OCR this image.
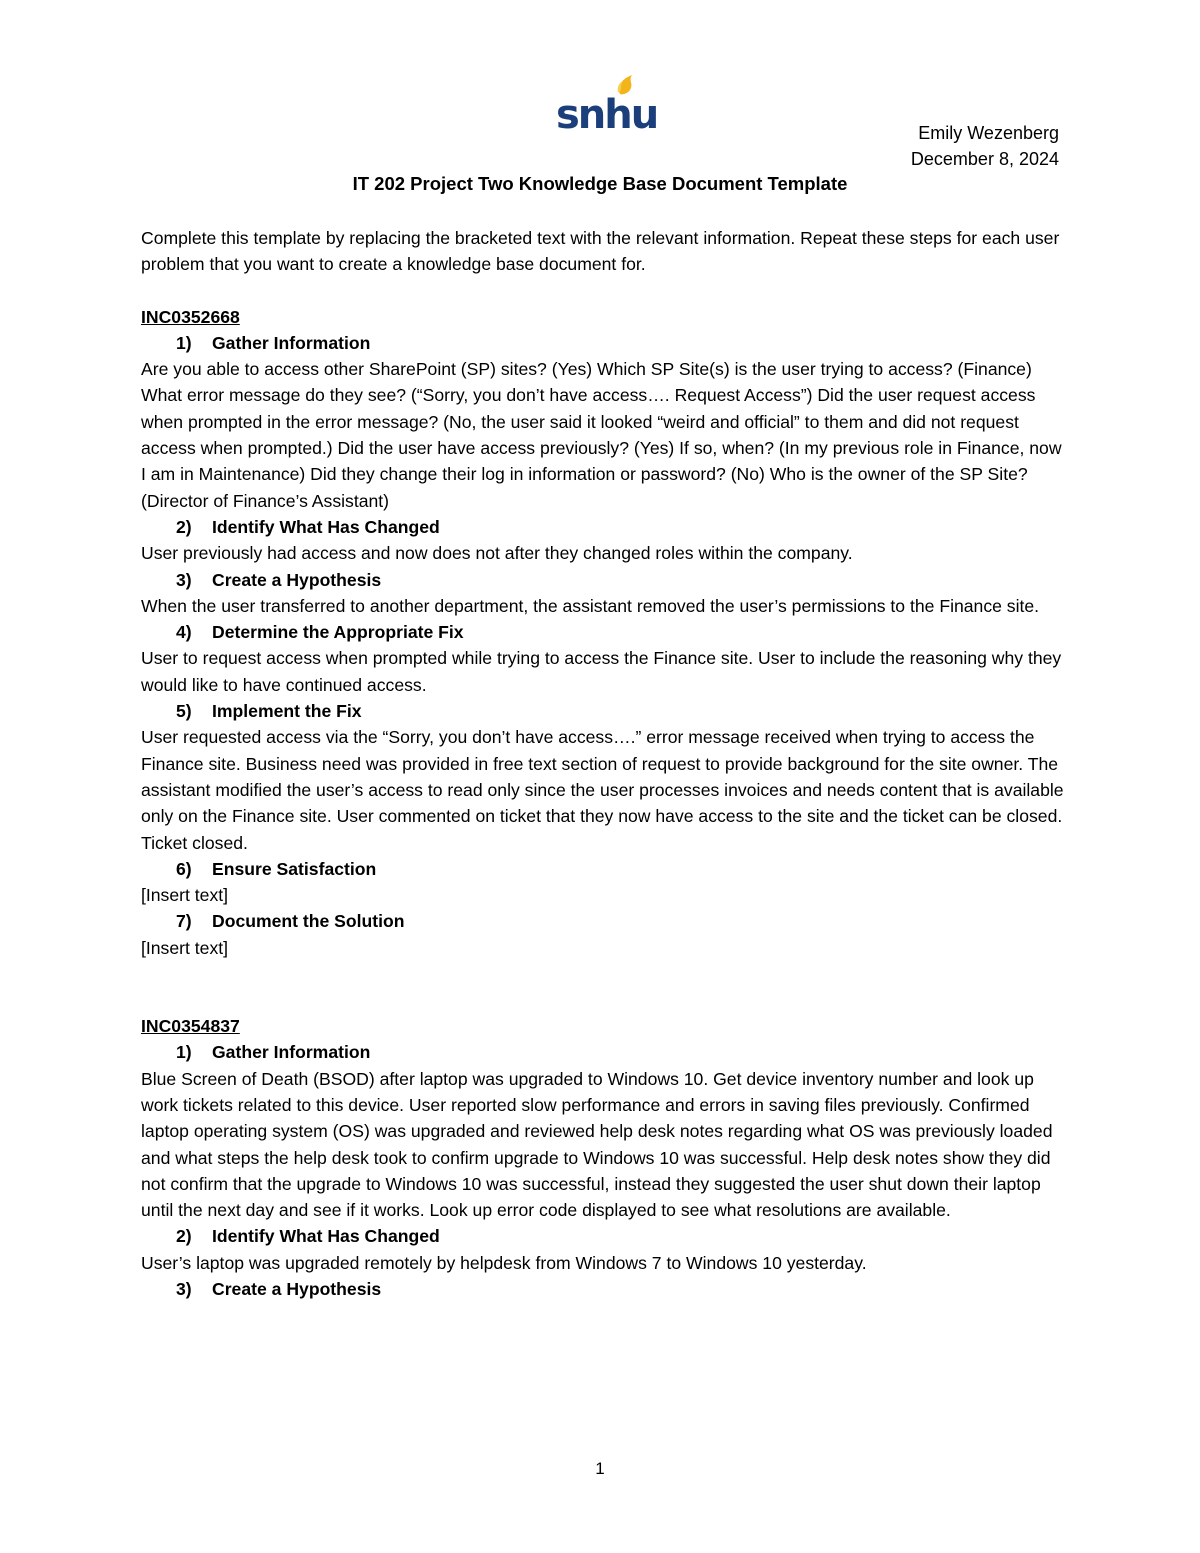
snhu	Emily Wezenberg
December 8, 2024
IT 202 Project Two Knowledge Base Document Template

Complete this template by replacing the bracketed text with the relevant information. Repeat these steps for each user problem that you want to create a knowledge base document for.

INC0352668

1)	Gather Information

Are you able to access other SharePoint (SP) sites? (Yes) Which SP Site(s) is the user trying to access? (Finance) What error message do they see? (“Sorry, you don’t have access…. Request Access”) Did the user request access when prompted in the error message? (No, the user said it looked “weird and official” to them and did not request access when prompted.) Did the user have access previously? (Yes) If so, when? (In my previous role in Finance, now I am in Maintenance) Did they change their log in information or password? (No) Who is the owner of the SP Site? (Director of Finance’s Assistant)

2)	Identify What Has Changed

User previously had access and now does not after they changed roles within the company.

3)	Create a Hypothesis

When the user transferred to another department, the assistant removed the user’s permissions to the Finance site.

4)	Determine the Appropriate Fix

User to request access when prompted while trying to access the Finance site. User to include the reasoning why they would like to have continued access.

5)	Implement the Fix

User requested access via the “Sorry, you don’t have access….” error message received when trying to access the Finance site. Business need was provided in free text section of request to provide background for the site owner. The assistant modified the user’s access to read only since the user processes invoices and needs content that is available only on the Finance site. User commented on ticket that they now have access to the site and the ticket can be closed. Ticket closed.

6)	Ensure Satisfaction

[Insert text]

7)	Document the Solution

[Insert text]

INC0354837

1)	Gather Information

Blue Screen of Death (BSOD) after laptop was upgraded to Windows 10. Get device inventory number and look up work tickets related to this device. User reported slow performance and errors in saving files previously. Confirmed laptop operating system (OS) was upgraded and reviewed help desk notes regarding what OS was previously loaded and what steps the help desk took to confirm upgrade to Windows 10 was successful. Help desk notes show they did not confirm that the upgrade to Windows 10 was successful, instead they suggested the user shut down their laptop until the next day and see if it works. Look up error code displayed to see what resolutions are available.

2)	Identify What Has Changed

User’s laptop was upgraded remotely by helpdesk from Windows 7 to Windows 10 yesterday.

3)	Create a Hypothesis
1
